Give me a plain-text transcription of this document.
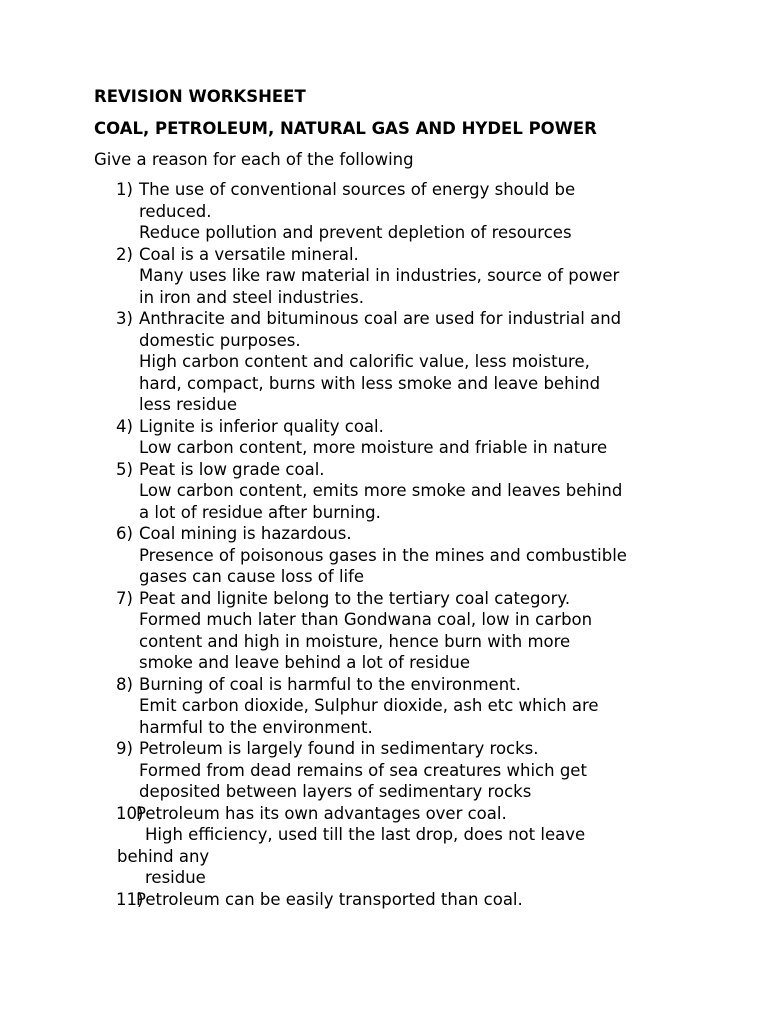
REVISION WORKSHEET
COAL, PETROLEUM, NATURAL GAS AND HYDEL POWER
Give a reason for each of the following
1) The use of conventional sources of energy should be
reduced.
Reduce pollution and prevent depletion of resources
2) Coal is a versatile mineral.
Many uses like raw material in industries, source of power
in iron and steel industries.
3) Anthracite and bituminous coal are used for industrial and
domestic purposes.
High carbon content and calorific value, less moisture,
hard, compact, burns with less smoke and leave behind
less residue
4) Lignite is inferior quality coal.
Low carbon content, more moisture and friable in nature
5) Peat is low grade coal.
Low carbon content, emits more smoke and leaves behind
a lot of residue after burning.
6) Coal mining is hazardous.
Presence of poisonous gases in the mines and combustible
gases can cause loss of life
7) Peat and lignite belong to the tertiary coal category.
Formed much later than Gondwana coal, low in carbon
content and high in moisture, hence burn with more
smoke and leave behind a lot of residue
8) Burning of coal is harmful to the environment.
Emit carbon dioxide, Sulphur dioxide, ash etc which are
harmful to the environment.
9) Petroleum is largely found in sedimentary rocks.
Formed from dead remains of sea creatures which get
deposited between layers of sedimentary rocks
10)
Petroleum has its own advantages over coal.
High efficiency, used till the last drop, does not leave
behind any
residue
11)
Petroleum can be easily transported than coal.
